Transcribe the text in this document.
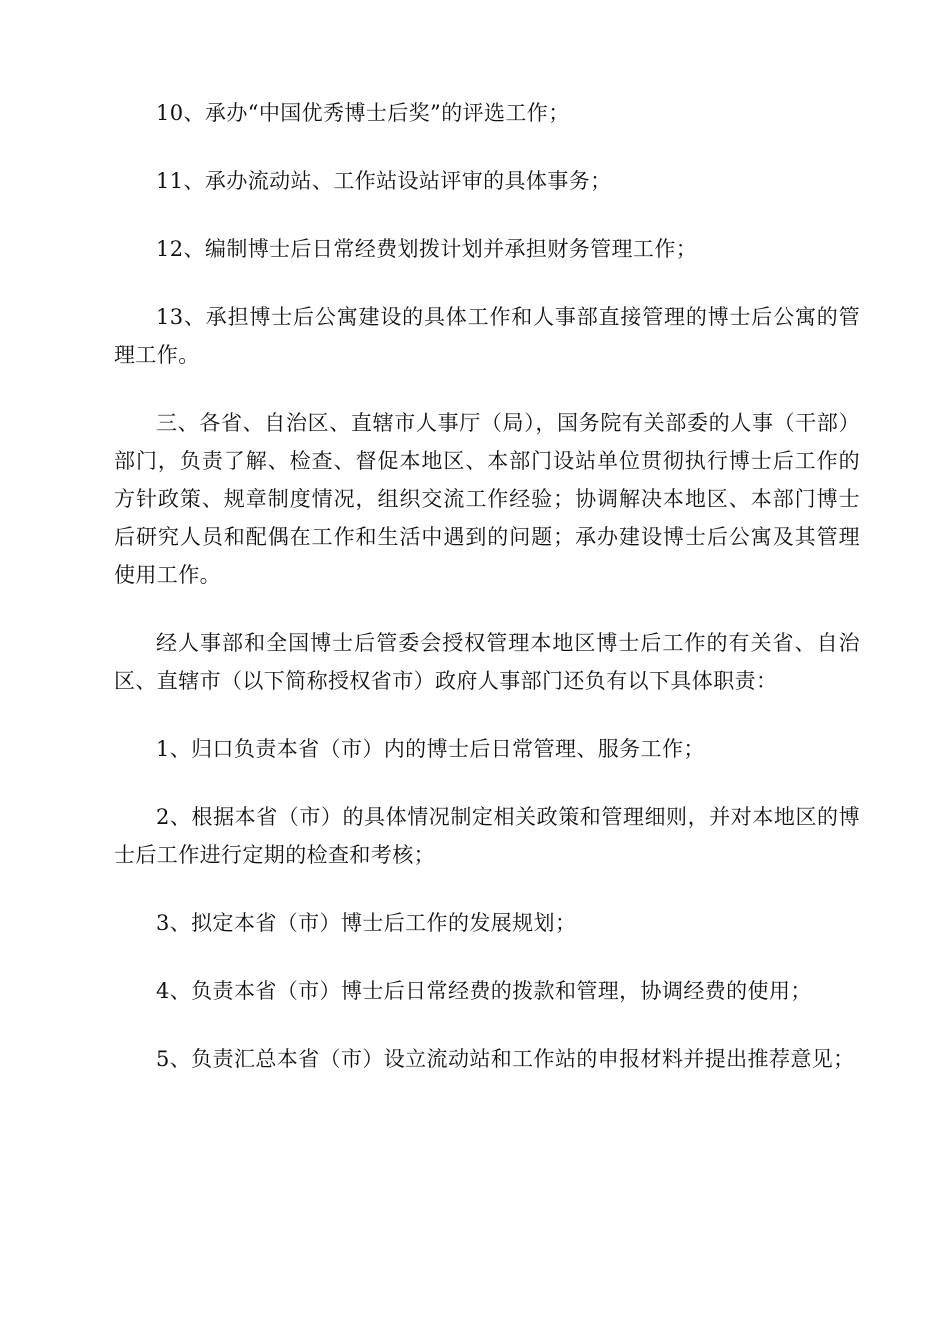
10、承办“中国优秀博士后奖”的评选工作；

11、承办流动站、工作站设站评审的具体事务；

12、编制博士后日常经费划拨计划并承担财务管理工作；

13、承担博士后公寓建设的具体工作和人事部直接管理的博士后公寓的管理工作。

三、各省、自治区、直辖市人事厅（局），国务院有关部委的人事（干部）部门，负责了解、检查、督促本地区、本部门设站单位贯彻执行博士后工作的方针政策、规章制度情况，组织交流工作经验；协调解决本地区、本部门博士后研究人员和配偶在工作和生活中遇到的问题；承办建设博士后公寓及其管理使用工作。

经人事部和全国博士后管委会授权管理本地区博士后工作的有关省、自治区、直辖市（以下简称授权省市）政府人事部门还负有以下具体职责：

1、归口负责本省（市）内的博士后日常管理、服务工作；

2、根据本省（市）的具体情况制定相关政策和管理细则，并对本地区的博士后工作进行定期的检查和考核；

3、拟定本省（市）博士后工作的发展规划；

4、负责本省（市）博士后日常经费的拨款和管理，协调经费的使用；

5、负责汇总本省（市）设立流动站和工作站的申报材料并提出推荐意见；
